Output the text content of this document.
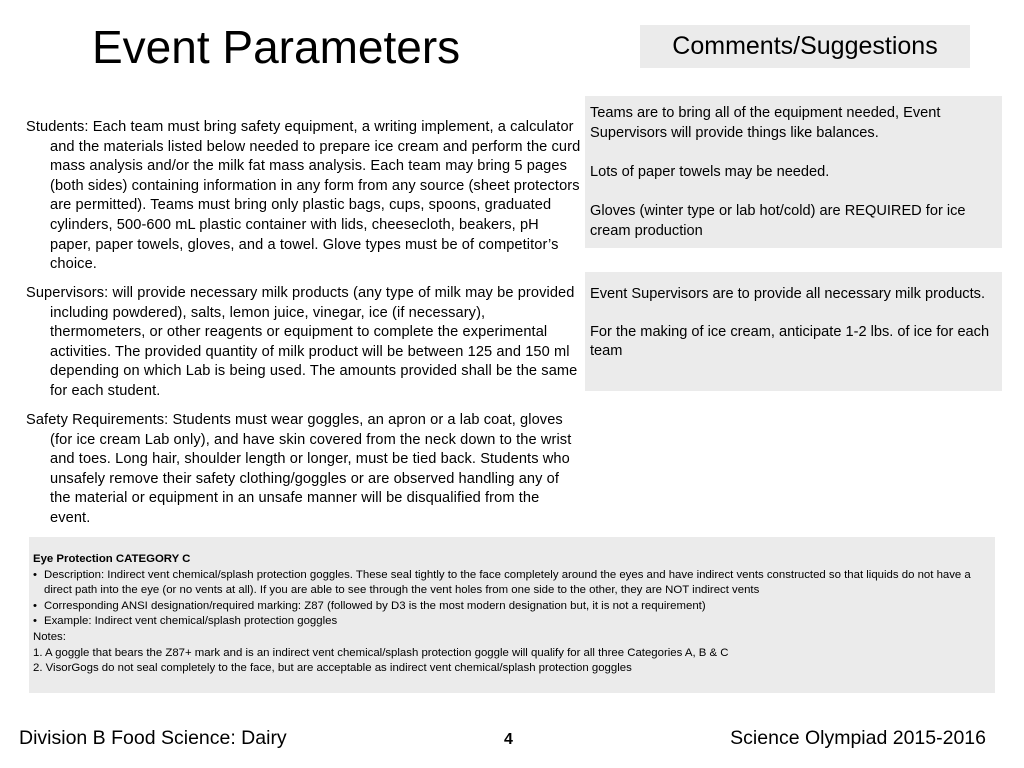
Event Parameters	Comments/Suggestions
Students: Each team must bring safety equipment, a writing implement, a calculator and the materials listed below needed to prepare ice cream and perform the curd mass analysis and/or the milk fat mass analysis. Each team may bring 5 pages (both sides) containing information in any form from any source (sheet protectors are permitted). Teams must bring only plastic bags, cups, spoons, graduated cylinders, 500-600 mL plastic container with lids, cheesecloth, beakers, pH paper, paper towels, gloves, and a towel. Glove types must be of competitor’s choice.
Supervisors: will provide necessary milk products (any type of milk may be provided including powdered), salts, lemon juice, vinegar, ice (if necessary), thermometers, or other reagents or equipment to complete the experimental activities. The provided quantity of milk product will be between 125 and 150 ml depending on which Lab is being used. The amounts provided shall be the same for each student.
Safety Requirements: Students must wear goggles, an apron or a lab coat, gloves (for ice cream Lab only), and have skin covered from the neck down to the wrist and toes. Long hair, shoulder length or longer, must be tied back. Students who unsafely remove their safety clothing/goggles or are observed handling any of the material or equipment in an unsafe manner will be disqualified from the event.

Teams are to bring all of the equipment needed, Event Supervisors will provide things like balances.

Lots of paper towels may be needed.

Gloves (winter type or lab hot/cold) are REQUIRED for ice cream production

Event Supervisors are to provide all necessary milk products.

For the making of ice cream, anticipate 1-2 lbs. of ice for each team

Eye Protection CATEGORY C
• Description: Indirect vent chemical/splash protection goggles. These seal tightly to the face completely around the eyes and have indirect vents constructed so that liquids do not have a direct path into the eye (or no vents at all). If you are able to see through the vent holes from one side to the other, they are NOT indirect vents
• Corresponding ANSI designation/required marking: Z87 (followed by D3 is the most modern designation but, it is not a requirement)
• Example: Indirect vent chemical/splash protection goggles
Notes:
1. A goggle that bears the Z87+ mark and is an indirect vent chemical/splash protection goggle will qualify for all three Categories A, B & C
2. VisorGogs do not seal completely to the face, but are acceptable as indirect vent chemical/splash protection goggles
Division B Food Science: Dairy	4	Science Olympiad 2015-2016
